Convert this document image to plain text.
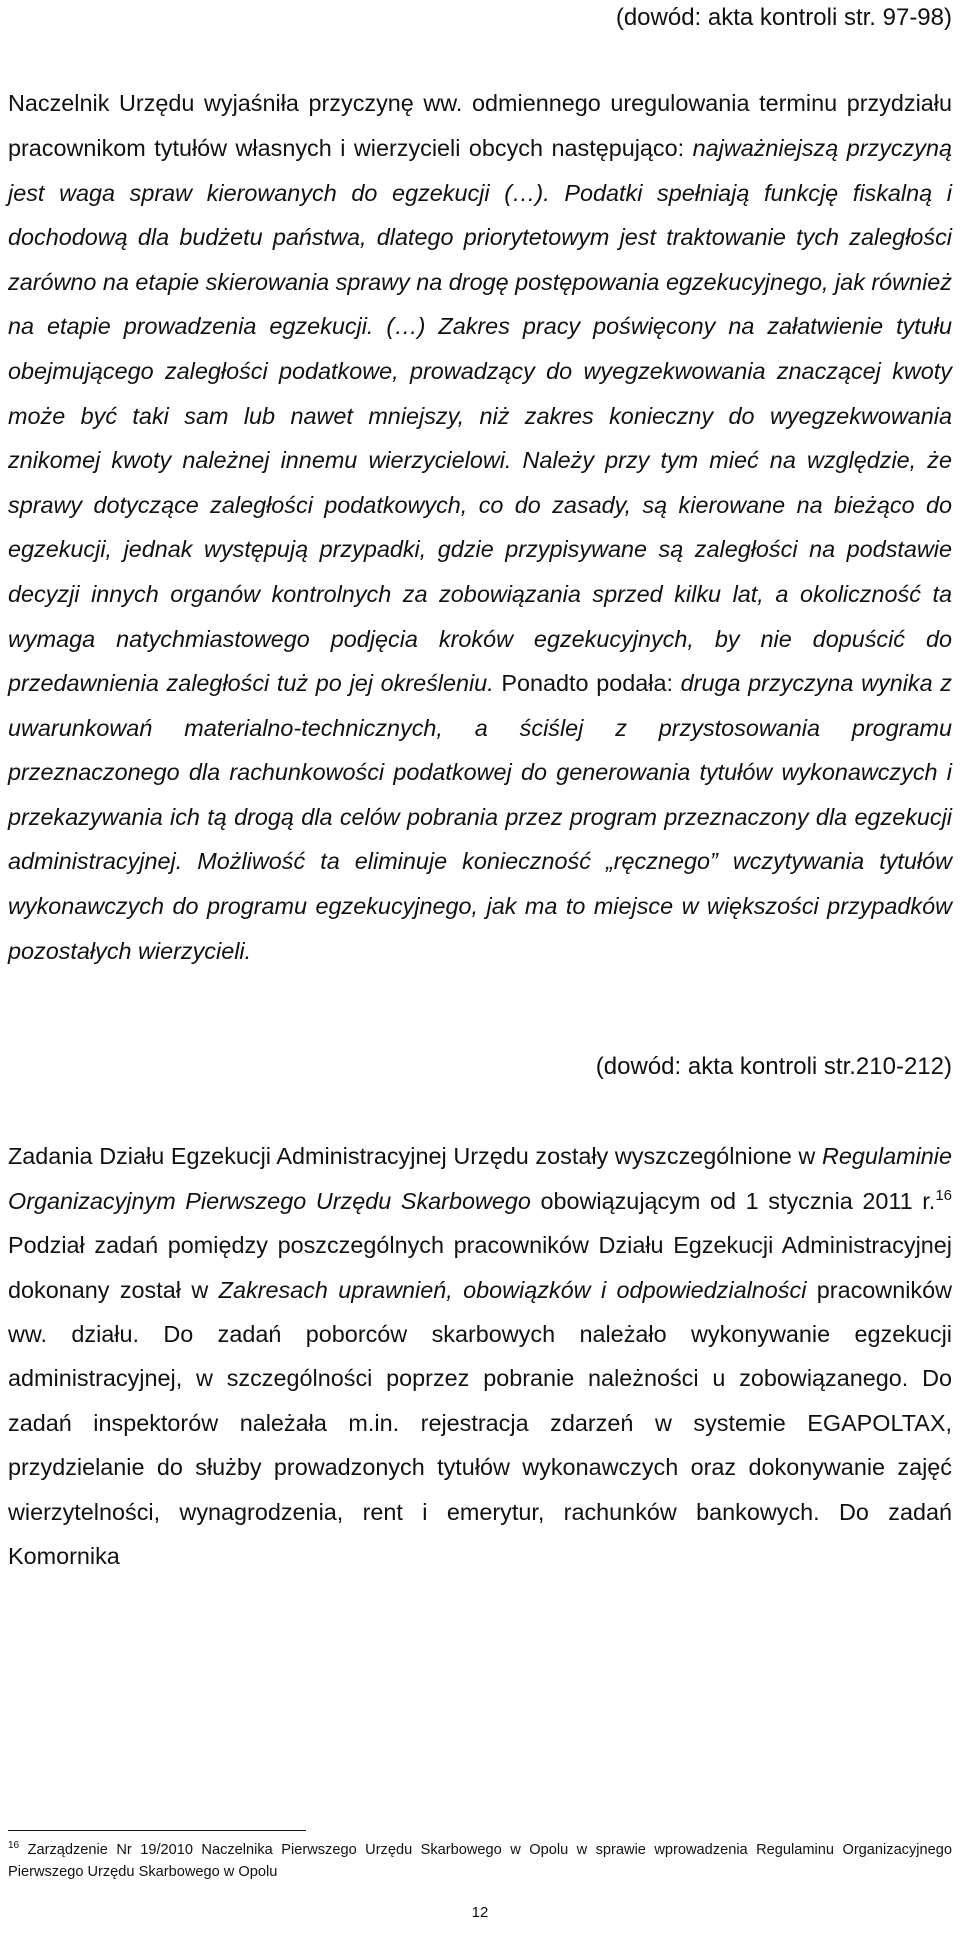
(dowód: akta kontroli str. 97-98)

Naczelnik Urzędu wyjaśniła przyczynę ww. odmiennego uregulowania terminu przydziału pracownikom tytułów własnych i wierzycieli obcych następująco: najważniejszą przyczyną jest waga spraw kierowanych do egzekucji (…). Podatki spełniają funkcję fiskalną i dochodową dla budżetu państwa, dlatego priorytetowym jest traktowanie tych zaległości zarówno na etapie skierowania sprawy na drogę postępowania egzekucyjnego, jak również na etapie prowadzenia egzekucji. (…) Zakres pracy poświęcony na załatwienie tytułu obejmującego zaległości podatkowe, prowadzący do wyegzekwowania znaczącej kwoty może być taki sam lub nawet mniejszy, niż zakres konieczny do wyegzekwowania znikomej kwoty należnej innemu wierzycielowi. Należy przy tym mieć na względzie, że sprawy dotyczące zaległości podatkowych, co do zasady, są kierowane na bieżąco do egzekucji, jednak występują przypadki, gdzie przypisywane są zaległości na podstawie decyzji innych organów kontrolnych za zobowiązania sprzed kilku lat, a okoliczność ta wymaga natychmiastowego podjęcia kroków egzekucyjnych, by nie dopuścić do przedawnienia zaległości tuż po jej określeniu. Ponadto podała: druga przyczyna wynika z uwarunkowań materialno-technicznych, a ściślej z przystosowania programu przeznaczonego dla rachunkowości podatkowej do generowania tytułów wykonawczych i przekazywania ich tą drogą dla celów pobrania przez program przeznaczony dla egzekucji administracyjnej. Możliwość ta eliminuje konieczność „ręcznego” wczytywania tytułów wykonawczych do programu egzekucyjnego, jak ma to miejsce w większości przypadków pozostałych wierzycieli.

(dowód: akta kontroli str.210-212)

Zadania Działu Egzekucji Administracyjnej Urzędu zostały wyszczególnione w Regulaminie Organizacyjnym Pierwszego Urzędu Skarbowego obowiązującym od 1 stycznia 2011 r.$^{16}$ Podział zadań pomiędzy poszczególnych pracowników Działu Egzekucji Administracyjnej dokonany został w Zakresach uprawnień, obowiązków i odpowiedzialności pracowników ww. działu. Do zadań poborców skarbowych należało wykonywanie egzekucji administracyjnej, w szczególności poprzez pobranie należności u zobowiązanego. Do zadań inspektorów należała m.in. rejestracja zdarzeń w systemie EGAPOLTAX, przydzielanie do służby prowadzonych tytułów wykonawczych oraz dokonywanie zajęć wierzytelności, wynagrodzenia, rent i emerytur, rachunków bankowych. Do zadań Komornika

$^{16}$ Zarządzenie Nr 19/2010 Naczelnika Pierwszego Urzędu Skarbowego w Opolu w sprawie wprowadzenia Regulaminu Organizacyjnego Pierwszego Urzędu Skarbowego w Opolu
12
